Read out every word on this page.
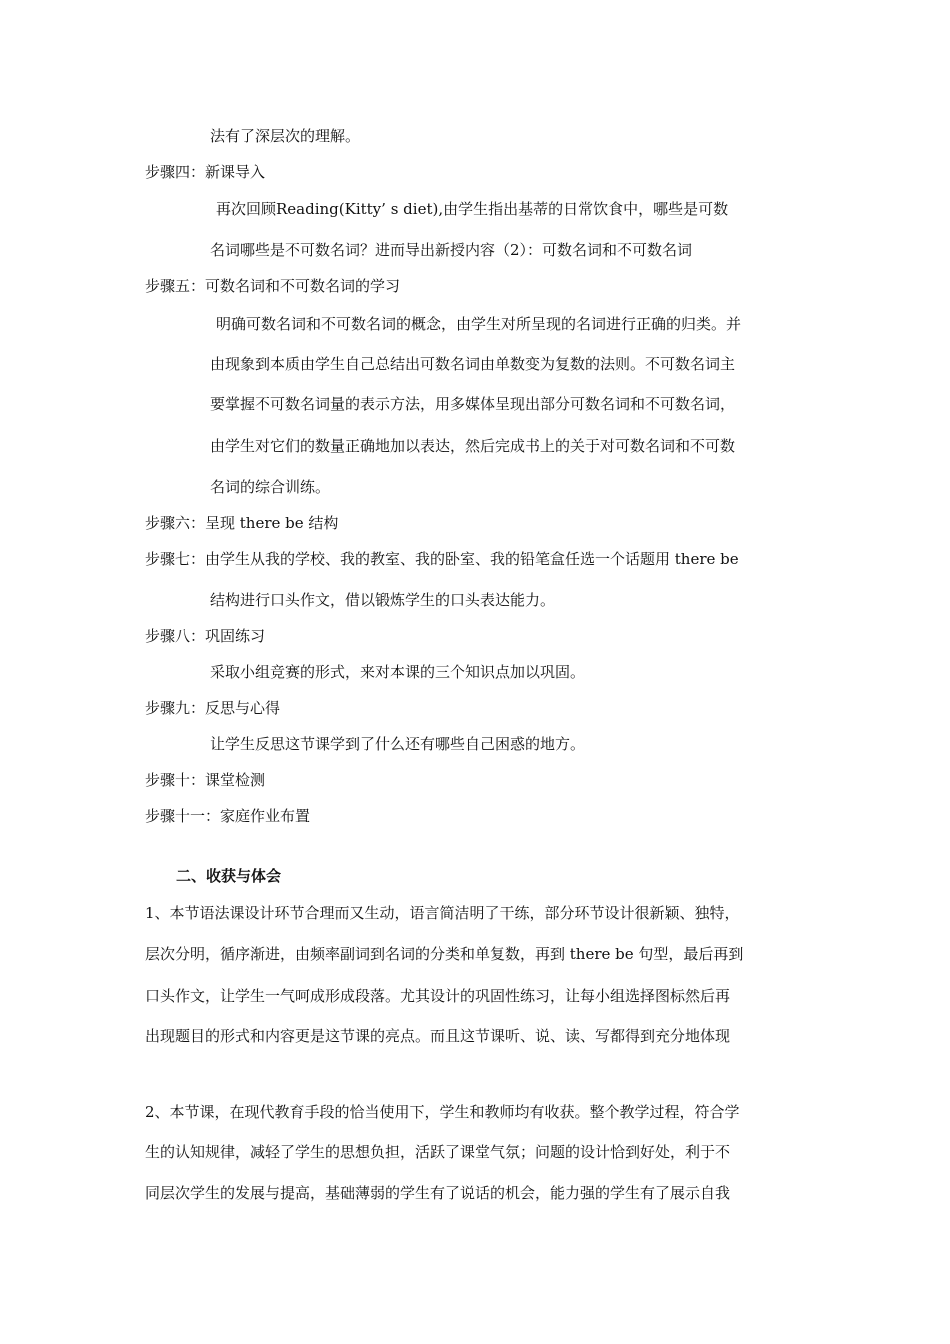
法有了深层次的理解。
步骤四：新课导入
再次回顾Reading(Kitty’ s diet),由学生指出基蒂的日常饮食中，哪些是可数
名词哪些是不可数名词？进而导出新授内容（2）：可数名词和不可数名词
步骤五：可数名词和不可数名词的学习
明确可数名词和不可数名词的概念，由学生对所呈现的名词进行正确的归类。并
由现象到本质由学生自己总结出可数名词由单数变为复数的法则。不可数名词主
要掌握不可数名词量的表示方法，用多媒体呈现出部分可数名词和不可数名词，
由学生对它们的数量正确地加以表达，然后完成书上的关于对可数名词和不可数
名词的综合训练。
步骤六：呈现 there be 结构
步骤七：由学生从我的学校、我的教室、我的卧室、我的铅笔盒任选一个话题用 there be
结构进行口头作文，借以锻炼学生的口头表达能力。
步骤八：巩固练习
采取小组竞赛的形式，来对本课的三个知识点加以巩固。
步骤九：反思与心得
让学生反思这节课学到了什么还有哪些自己困惑的地方。
步骤十：课堂检测
步骤十一：家庭作业布置
二、收获与体会
1、本节语法课设计环节合理而又生动，语言简洁明了干练，部分环节设计很新颖、独特，
层次分明，循序渐进，由频率副词到名词的分类和单复数，再到 there be 句型，最后再到
口头作文，让学生一气呵成形成段落。尤其设计的巩固性练习，让每小组选择图标然后再
出现题目的形式和内容更是这节课的亮点。而且这节课听、说、读、写都得到充分地体现
2、本节课，在现代教育手段的恰当使用下，学生和教师均有收获。整个教学过程，符合学
生的认知规律，减轻了学生的思想负担，活跃了课堂气氛；问题的设计恰到好处，利于不
同层次学生的发展与提高，基础薄弱的学生有了说话的机会，能力强的学生有了展示自我
